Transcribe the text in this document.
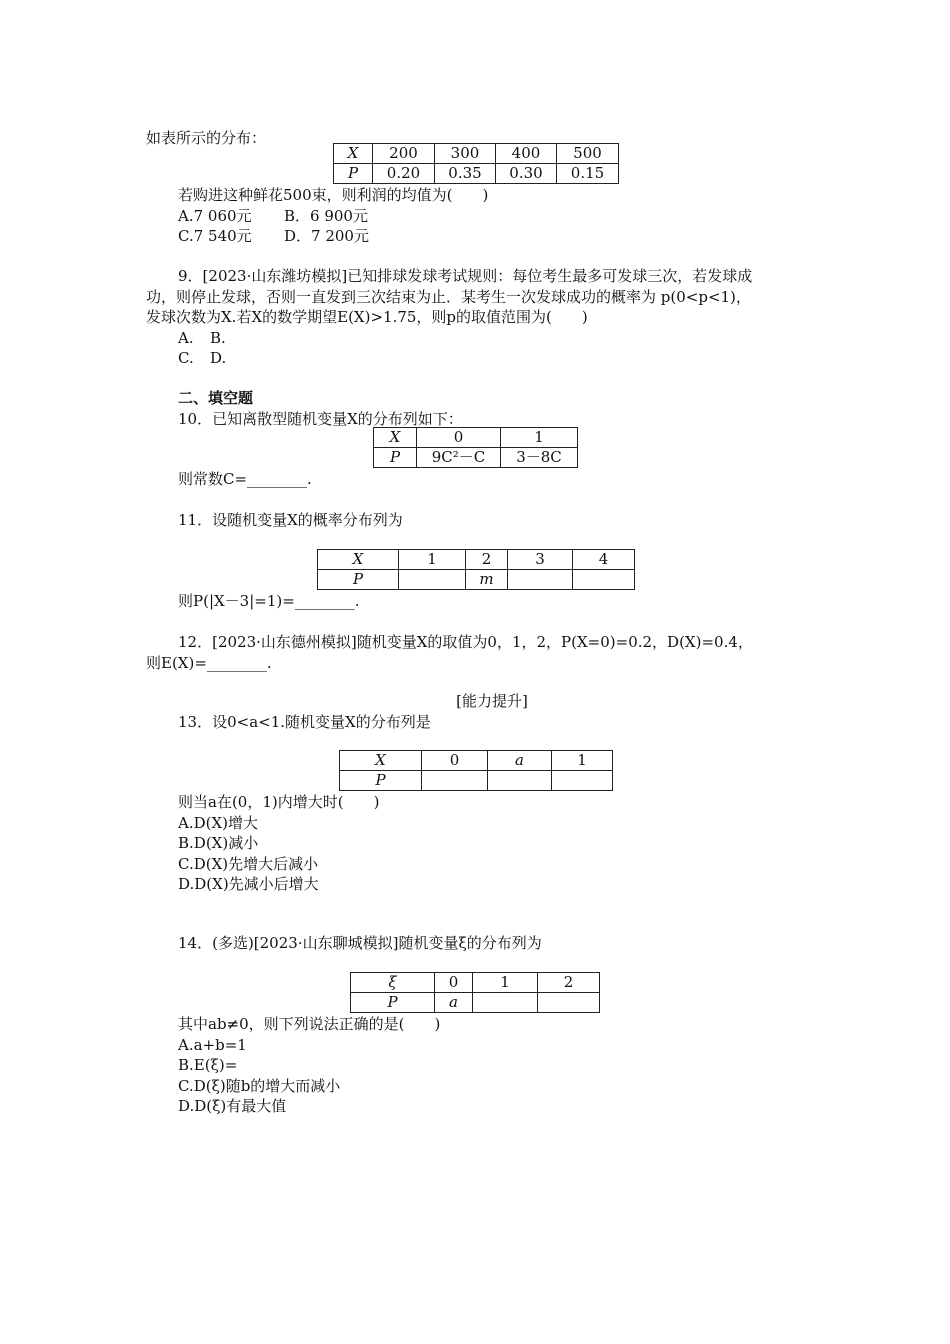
如表所示的分布：
X	200	300	400	500
P	0.20	0.35	0.30	0.15
若购进这种鲜花500束，则利润的均值为(　　)
A.7 060元 B．6 900元
C.7 540元 D．7 200元
9．[2023·山东潍坊模拟]已知排球发球考试规则：每位考生最多可发球三次，若发球成
功，则停止发球，否则一直发到三次结束为止．某考生一次发球成功的概率为 p(0<p<1)，
发球次数为X.若X的数学期望E(X)>1.75，则p的取值范围为(　　)
A. B.
C. D.
二、填空题
10．已知离散型随机变量X的分布列如下：
X	0	1
P	9C²－C	3－8C
则常数C=________.
11．设随机变量X的概率分布列为
X	1	2	3	4
P		m		
则P(|X－3|=1)=________.
12．[2023·山东德州模拟]随机变量X的取值为0，1，2，P(X=0)=0.2，D(X)=0.4，
则E(X)=________.
[能力提升]
13．设0<a<1.随机变量X的分布列是
X	0	a	1
P			
则当a在(0，1)内增大时(　　)
A.D(X)增大
B.D(X)减小
C.D(X)先增大后减小
D.D(X)先减小后增大
14．(多选)[2023·山东聊城模拟]随机变量ξ的分布列为
ξ	0	1	2
P	a		
其中ab≠0，则下列说法正确的是(　　)
A.a+b=1
B.E(ξ)=
C.D(ξ)随b的增大而减小
D.D(ξ)有最大值
